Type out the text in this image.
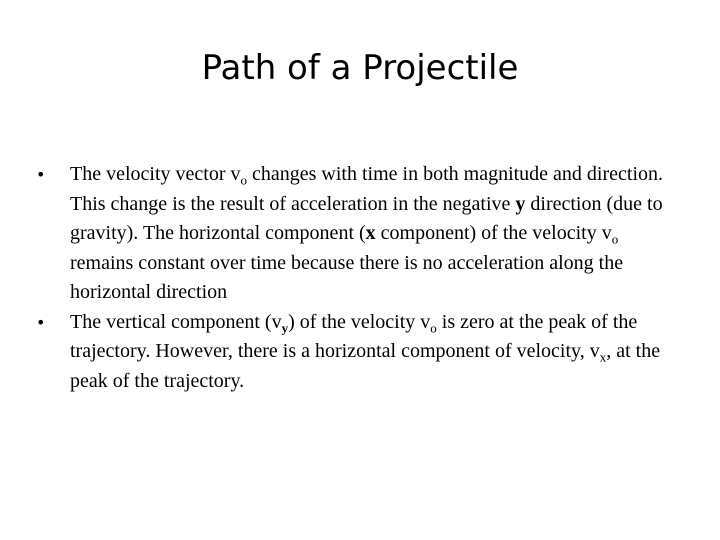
Path of a Projectile
•	The velocity vector $v_o$ changes with time in both magnitude and direction. This change is the result of acceleration in the negative y direction (due to gravity). The horizontal component (x component) of the velocity $v_o$ remains constant over time because there is no acceleration along the horizontal direction
•	The vertical component $(v_y)$ of the velocity $v_o$ is zero at the peak of the trajectory. However, there is a horizontal component of velocity, $v_x$, at the peak of the trajectory.
